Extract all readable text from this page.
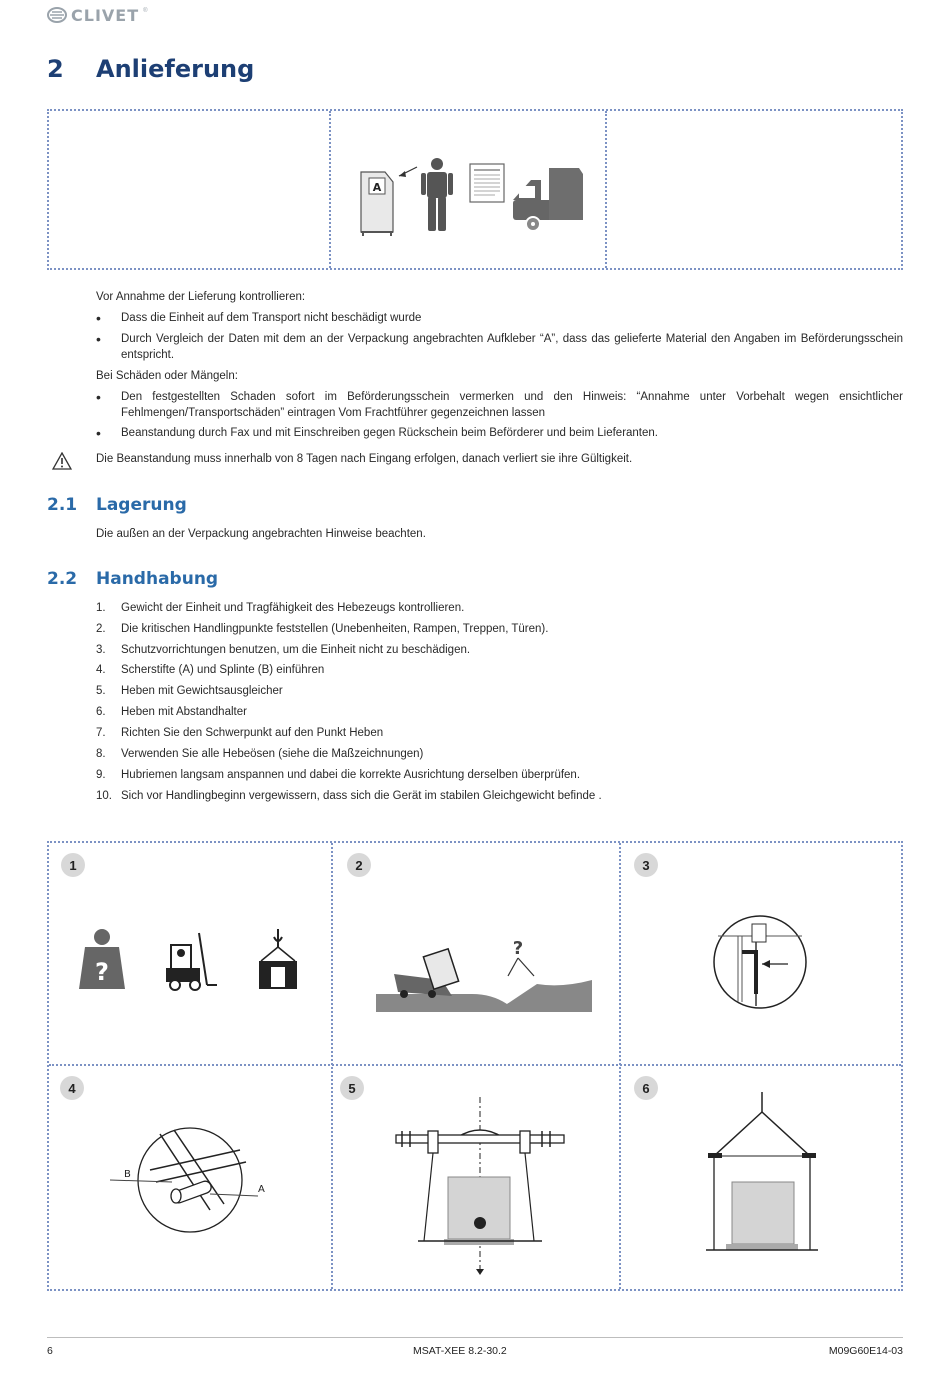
CLIVET ®
2 Anlieferung
A
Vor Annahme der Lieferung kontrollieren:
• Dass die Einheit auf dem Transport nicht beschädigt wurde
• Durch Vergleich der Daten mit dem an der Verpackung angebrachten Aufkleber “A”, dass das gelieferte Material den Angaben im Beförderungsschein entspricht.
Bei Schäden oder Mängeln:
• Den festgestellten Schaden sofort im Beförderungsschein vermerken und den Hinweis: “Annahme unter Vorbehalt wegen ensichtlicher Fehlmengen/Transportschäden” eintragen Vom Frachtführer gegenzeichnen lassen
• Beanstandung durch Fax und mit Einschreiben gegen Rückschein beim Beförderer und beim Lieferanten.
Die Beanstandung muss innerhalb von 8 Tagen nach Eingang erfolgen, danach verliert sie ihre Gültigkeit.
2.1 Lagerung
Die außen an der Verpackung angebrachten Hinweise beachten.
2.2 Handhabung
1.	Gewicht der Einheit und Tragfähigkeit des Hebezeugs kontrollieren.
2.	Die kritischen Handlingpunkte feststellen (Unebenheiten, Rampen, Treppen, Türen).
3.	Schutzvorrichtungen benutzen, um die Einheit nicht zu beschädigen.
4.	Scherstifte (A) und Splinte (B) einführen
5.	Heben mit Gewichtsausgleicher
6.	Heben mit Abstandhalter
7.	Richten Sie den Schwerpunkt auf den Punkt Heben
8.	Verwenden Sie alle Hebeösen (siehe die Maßzeichnungen)
9.	Hubriemen langsam anspannen und dabei die korrekte Ausrichtung derselben überprüfen.
10. Sich vor Handlingbeginn vergewissern, dass sich die Gerät im stabilen Gleichgewicht befinde .
1	2	3
4	5	6
?
?
B
A
6	MSAT-XEE 8.2-30.2	M09G60E14-03
